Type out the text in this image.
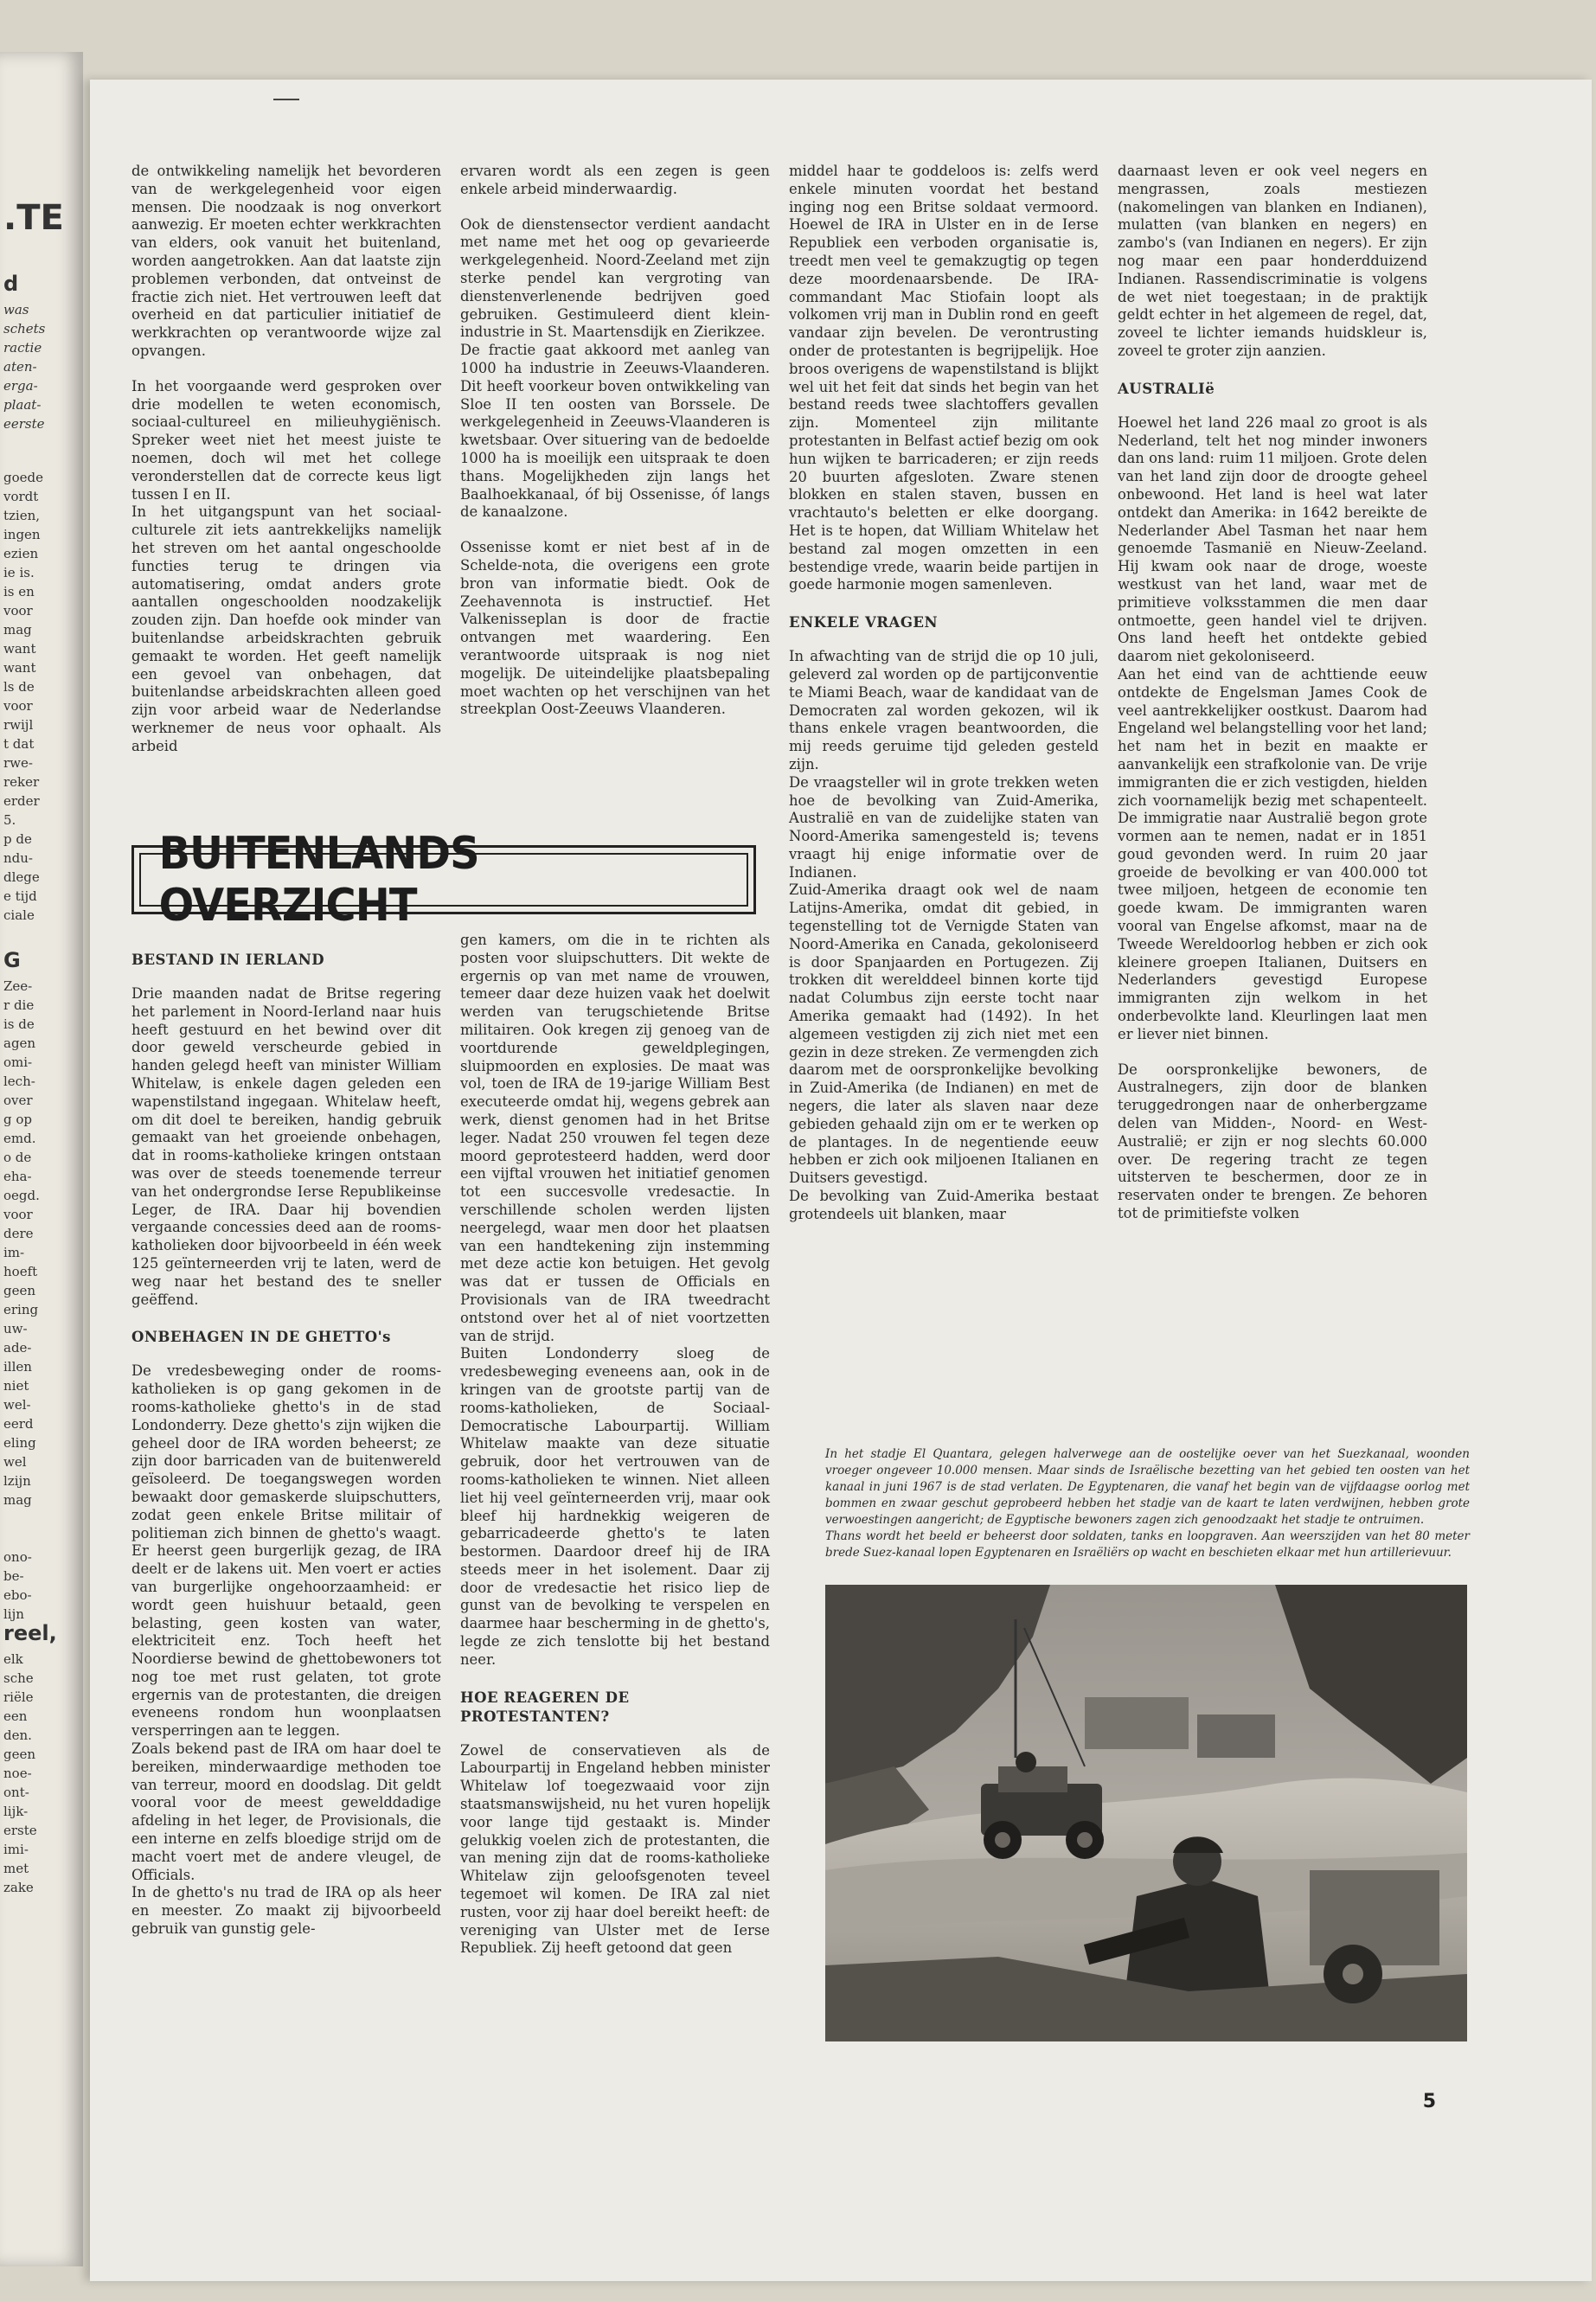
.TE
d
was
schets
ractie
aten-
erga-
plaat-
eerste
goede
vordt
tzien,
ingen
ezien
ie is.
is en
voor
mag
want
want
ls de
voor
rwijl
t dat
rwe-
reker
erder
5.
p de
ndu-
dlege
e tijd
ciale
G
Zee-
r die
is de
agen
omi-
lech-
over
g op
emd.
o de
eha-
oegd.
voor
dere
im-
hoeft
geen
ering
uw-
ade-
illen
niet
wel-
eerd
eling
wel
lzijn
mag
ono-
be-
ebo-
lijn
reel,
elk
sche
riële
een
den.
geen
noe-
ont-
lijk-
erste
imi-
met
zake

de ontwikkeling namelijk het bevorderen van de werkgelegenheid voor eigen mensen. Die noodzaak is nog onverkort aanwezig. Er moeten echter werkkrachten van elders, ook vanuit het buitenland, worden aangetrokken. Aan dat laatste zijn problemen verbonden, dat ontveinst de fractie zich niet. Het vertrouwen leeft dat overheid en dat particulier initiatief de werkkrachten op verantwoorde wijze zal opvangen.

In het voorgaande werd gesproken over drie modellen te weten economisch, sociaal-cultureel en milieuhygiënisch. Spreker weet niet het meest juiste te noemen, doch wil met het college veronderstellen dat de correcte keus ligt tussen I en II.

In het uitgangspunt van het sociaal-culturele zit iets aantrekkelijks namelijk het streven om het aantal ongeschoolde functies terug te dringen via automatisering, omdat anders grote aantallen ongeschoolden noodzakelijk zouden zijn. Dan hoefde ook minder van buitenlandse arbeidskrachten gebruik gemaakt te worden. Het geeft namelijk een gevoel van onbehagen, dat buitenlandse arbeidskrachten alleen goed zijn voor arbeid waar de Nederlandse werknemer de neus voor ophaalt. Als arbeid

ervaren wordt als een zegen is geen enkele arbeid minderwaardig.

Ook de dienstensector verdient aandacht met name met het oog op gevarieerde werkgelegenheid. Noord-Zeeland met zijn sterke pendel kan vergroting van dienstenverlenende bedrijven goed gebruiken. Gestimuleerd dient klein-industrie in St. Maartensdijk en Zierikzee.

De fractie gaat akkoord met aanleg van 1000 ha industrie in Zeeuws-Vlaanderen. Dit heeft voorkeur boven ontwikkeling van Sloe II ten oosten van Borssele. De werkgelegenheid in Zeeuws-Vlaanderen is kwetsbaar. Over situering van de bedoelde 1000 ha is moeilijk een uitspraak te doen thans. Mogelijkheden zijn langs het Baalhoekkanaal, óf bij Ossenisse, óf langs de kanaalzone.

Ossenisse komt er niet best af in de Schelde-nota, die overigens een grote bron van informatie biedt. Ook de Zeehavennota is instructief. Het Valkenisseplan is door de fractie ontvangen met waardering. Een verantwoorde uitspraak is nog niet mogelijk. De uiteindelijke plaatsbepaling moet wachten op het verschijnen van het streekplan Oost-Zeeuws Vlaanderen.

BUITENLANDS OVERZICHT
BESTAND IN IERLAND

Drie maanden nadat de Britse regering het parlement in Noord-Ierland naar huis heeft gestuurd en het bewind over dit door geweld verscheurde gebied in handen gelegd heeft van minister William Whitelaw, is enkele dagen geleden een wapenstilstand ingegaan. Whitelaw heeft, om dit doel te bereiken, handig gebruik gemaakt van het groeiende onbehagen, dat in rooms-katholieke kringen ontstaan was over de steeds toenemende terreur van het ondergrondse Ierse Republikeinse Leger, de IRA. Daar hij bovendien vergaande concessies deed aan de rooms-katholieken door bijvoorbeeld in één week 125 geïnterneerden vrij te laten, werd de weg naar het bestand des te sneller geëffend.

ONBEHAGEN IN DE GHETTO's

De vredesbeweging onder de rooms-katholieken is op gang gekomen in de rooms-katholieke ghetto's in de stad Londonderry. Deze ghetto's zijn wijken die geheel door de IRA worden beheerst; ze zijn door barricaden van de buitenwereld geïsoleerd. De toegangswegen worden bewaakt door gemaskerde sluipschutters, zodat geen enkele Britse militair of politieman zich binnen de ghetto's waagt. Er heerst geen burgerlijk gezag, de IRA deelt er de lakens uit. Men voert er acties van burgerlijke ongehoorzaamheid: er wordt geen huishuur betaald, geen belasting, geen kosten van water, elektriciteit enz. Toch heeft het Noordierse bewind de ghettobewoners tot nog toe met rust gelaten, tot grote ergernis van de protestanten, die dreigen eveneens rondom hun woonplaatsen versperringen aan te leggen.

Zoals bekend past de IRA om haar doel te bereiken, minderwaardige methoden toe van terreur, moord en doodslag. Dit geldt vooral voor de meest gewelddadige afdeling in het leger, de Provisionals, die een interne en zelfs bloedige strijd om de macht voert met de andere vleugel, de Officials.

In de ghetto's nu trad de IRA op als heer en meester. Zo maakt zij bijvoorbeeld gebruik van gunstig gele-

gen kamers, om die in te richten als posten voor sluipschutters. Dit wekte de ergernis op van met name de vrouwen, temeer daar deze huizen vaak het doelwit werden van terugschietende Britse militairen. Ook kregen zij genoeg van de voortdurende geweldplegingen, sluipmoorden en explosies. De maat was vol, toen de IRA de 19-jarige William Best executeerde omdat hij, wegens gebrek aan werk, dienst genomen had in het Britse leger. Nadat 250 vrouwen fel tegen deze moord geprotesteerd hadden, werd door een vijftal vrouwen het initiatief genomen tot een succesvolle vredesactie. In verschillende scholen werden lijsten neergelegd, waar men door het plaatsen van een handtekening zijn instemming met deze actie kon betuigen. Het gevolg was dat er tussen de Officials en Provisionals van de IRA tweedracht ontstond over het al of niet voortzetten van de strijd.

Buiten Londonderry sloeg de vredesbeweging eveneens aan, ook in de kringen van de grootste partij van de rooms-katholieken, de Sociaal-Democratische Labourpartij. William Whitelaw maakte van deze situatie gebruik, door het vertrouwen van de rooms-katholieken te winnen. Niet alleen liet hij veel geïnterneerden vrij, maar ook bleef hij hardnekkig weigeren de gebarricadeerde ghetto's te laten bestormen. Daardoor dreef hij de IRA steeds meer in het isolement. Daar zij door de vredesactie het risico liep de gunst van de bevolking te verspelen en daarmee haar bescherming in de ghetto's, legde ze zich tenslotte bij het bestand neer.

HOE REAGEREN DE PROTESTANTEN?

Zowel de conservatieven als de Labourpartij in Engeland hebben minister Whitelaw lof toegezwaaid voor zijn staatsmanswijsheid, nu het vuren hopelijk voor lange tijd gestaakt is. Minder gelukkig voelen zich de protestanten, die van mening zijn dat de rooms-katholieke Whitelaw zijn geloofsgenoten teveel tegemoet wil komen. De IRA zal niet rusten, voor zij haar doel bereikt heeft: de vereniging van Ulster met de Ierse Republiek. Zij heeft getoond dat geen

middel haar te goddeloos is: zelfs werd enkele minuten voordat het bestand inging nog een Britse soldaat vermoord. Hoewel de IRA in Ulster en in de Ierse Republiek een verboden organisatie is, treedt men veel te gemakzugtig op tegen deze moordenaarsbende. De IRA-commandant Mac Stiofain loopt als volkomen vrij man in Dublin rond en geeft vandaar zijn bevelen. De verontrusting onder de protestanten is begrijpelijk. Hoe broos overigens de wapenstilstand is blijkt wel uit het feit dat sinds het begin van het bestand reeds twee slachtoffers gevallen zijn. Momenteel zijn militante protestanten in Belfast actief bezig om ook hun wijken te barricaderen; er zijn reeds 20 buurten afgesloten. Zware stenen blokken en stalen staven, bussen en vrachtauto's beletten er elke doorgang. Het is te hopen, dat William Whitelaw het bestand zal mogen omzetten in een bestendige vrede, waarin beide partijen in goede harmonie mogen samenleven.

ENKELE VRAGEN

In afwachting van de strijd die op 10 juli, geleverd zal worden op de partijconventie te Miami Beach, waar de kandidaat van de Democraten zal worden gekozen, wil ik thans enkele vragen beantwoorden, die mij reeds geruime tijd geleden gesteld zijn.

De vraagsteller wil in grote trekken weten hoe de bevolking van Zuid-Amerika, Australië en van de zuidelijke staten van Noord-Amerika samengesteld is; tevens vraagt hij enige informatie over de Indianen.

Zuid-Amerika draagt ook wel de naam Latijns-Amerika, omdat dit gebied, in tegenstelling tot de Vernigde Staten van Noord-Amerika en Canada, gekoloniseerd is door Spanjaarden en Portugezen. Zij trokken dit werelddeel binnen korte tijd nadat Columbus zijn eerste tocht naar Amerika gemaakt had (1492). In het algemeen vestigden zij zich niet met een gezin in deze streken. Ze vermengden zich daarom met de oorspronkelijke bevolking in Zuid-Amerika (de Indianen) en met de negers, die later als slaven naar deze gebieden gehaald zijn om er te werken op de plantages. In de negentiende eeuw hebben er zich ook miljoenen Italianen en Duitsers gevestigd.

De bevolking van Zuid-Amerika bestaat grotendeels uit blanken, maar

daarnaast leven er ook veel negers en mengrassen, zoals mestiezen (nakomelingen van blanken en Indianen), mulatten (van blanken en negers) en zambo's (van Indianen en negers). Er zijn nog maar een paar honderdduizend Indianen. Rassendiscriminatie is volgens de wet niet toegestaan; in de praktijk geldt echter in het algemeen de regel, dat, zoveel te lichter iemands huidskleur is, zoveel te groter zijn aanzien.

AUSTRALIë

Hoewel het land 226 maal zo groot is als Nederland, telt het nog minder inwoners dan ons land: ruim 11 miljoen. Grote delen van het land zijn door de droogte geheel onbewoond. Het land is heel wat later ontdekt dan Amerika: in 1642 bereikte de Nederlander Abel Tasman het naar hem genoemde Tasmanië en Nieuw-Zeeland. Hij kwam ook naar de droge, woeste westkust van het land, waar met de primitieve volksstammen die men daar ontmoette, geen handel viel te drijven. Ons land heeft het ontdekte gebied daarom niet gekoloniseerd.

Aan het eind van de achttiende eeuw ontdekte de Engelsman James Cook de veel aantrekkelijker oostkust. Daarom had Engeland wel belangstelling voor het land; het nam het in bezit en maakte er aanvankelijk een strafkolonie van. De vrije immigranten die er zich vestigden, hielden zich voornamelijk bezig met schapenteelt. De immigratie naar Australië begon grote vormen aan te nemen, nadat er in 1851 goud gevonden werd. In ruim 20 jaar groeide de bevolking er van 400.000 tot twee miljoen, hetgeen de economie ten goede kwam. De immigranten waren vooral van Engelse afkomst, maar na de Tweede Wereldoorlog hebben er zich ook kleinere groepen Italianen, Duitsers en Nederlanders gevestigd Europese immigranten zijn welkom in het onderbevolkte land. Kleurlingen laat men er liever niet binnen.

De oorspronkelijke bewoners, de Australnegers, zijn door de blanken teruggedrongen naar de onherbergzame delen van Midden-, Noord- en West-Australië; er zijn er nog slechts 60.000 over. De regering tracht ze tegen uitsterven te beschermen, door ze in reservaten onder te brengen. Ze behoren tot de primitiefste volken

In het stadje El Quantara, gelegen halverwege aan de oostelijke oever van het Suezkanaal, woonden vroeger ongeveer 10.000 mensen. Maar sinds de Israëlische bezetting van het gebied ten oosten van het kanaal in juni 1967 is de stad verlaten. De Egyptenaren, die vanaf het begin van de vijfdaagse oorlog met bommen en zwaar geschut geprobeerd hebben het stadje van de kaart te laten verdwijnen, hebben grote verwoestingen aangericht; de Egyptische bewoners zagen zich genoodzaakt het stadje te ontruimen.

Thans wordt het beeld er beheerst door soldaten, tanks en loopgraven. Aan weerszijden van het 80 meter brede Suez-kanaal lopen Egyptenaren en Israëliërs op wacht en beschieten elkaar met hun artillerievuur.

5
